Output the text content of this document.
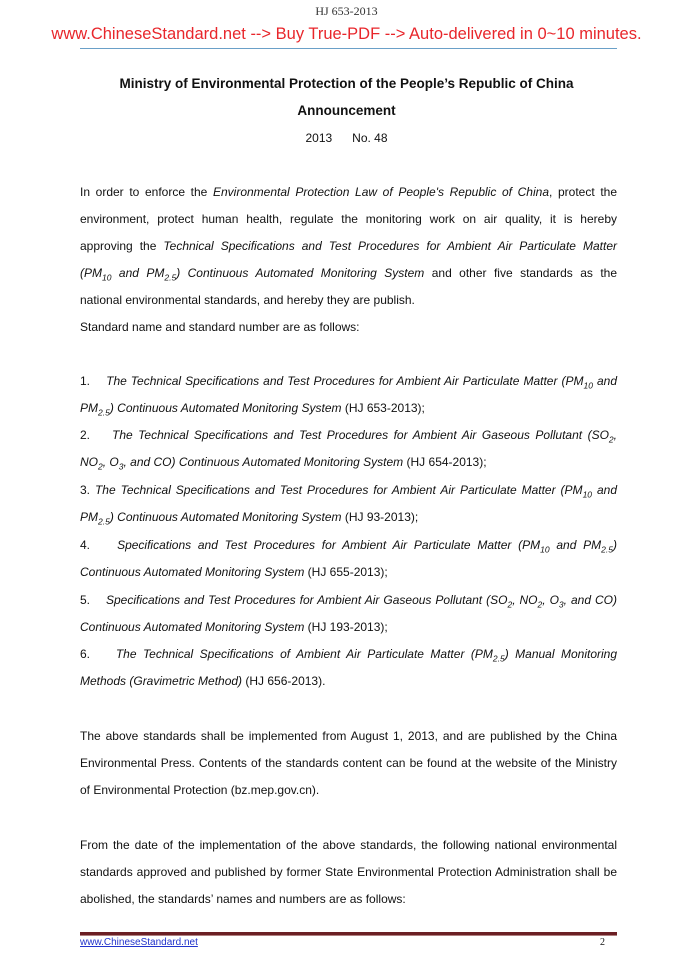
HJ 653-2013
www.ChineseStandard.net --> Buy True-PDF --> Auto-delivered in 0~10 minutes.
Ministry of Environmental Protection of the People’s Republic of China
Announcement
2013      No. 48
In order to enforce the Environmental Protection Law of People's Republic of China, protect the
environment, protect human health, regulate the monitoring work on air quality, it is hereby
approving the Technical Specifications and Test Procedures for Ambient Air Particulate Matter
($PM_{10}$ and $PM_{2.5}$) Continuous Automated Monitoring System and other five standards as the
national environmental standards, and hereby they are publish.
Standard name and standard number are as follows:
1.    The Technical Specifications and Test Procedures for Ambient Air Particulate Matter ($PM_{10}$ and
$PM_{2.5}$) Continuous Automated Monitoring System (HJ 653-2013);
2.    The Technical Specifications and Test Procedures for Ambient Air Gaseous Pollutant ($SO_2$,
$NO_2$, $O_3$, and CO) Continuous Automated Monitoring System (HJ 654-2013);
3. The Technical Specifications and Test Procedures for Ambient Air Particulate Matter ($PM_{10}$ and
$PM_{2.5}$) Continuous Automated Monitoring System (HJ 93-2013);
4.    Specifications and Test Procedures for Ambient Air Particulate Matter ($PM_{10}$ and $PM_{2.5}$)
Continuous Automated Monitoring System (HJ 655-2013);
5.    Specifications and Test Procedures for Ambient Air Gaseous Pollutant ($SO_2$, $NO_2$, $O_3$, and CO)
Continuous Automated Monitoring System (HJ 193-2013);
6.    The Technical Specifications of Ambient Air Particulate Matter $(PM_{2.5})$ Manual Monitoring
Methods (Gravimetric Method) (HJ 656-2013).
The above standards shall be implemented from August 1, 2013, and are published by the China
Environmental Press. Contents of the standards content can be found at the website of the Ministry
of Environmental Protection (bz.mep.gov.cn).
From the date of the implementation of the above standards, the following national environmental
standards approved and published by former State Environmental Protection Administration shall be
abolished, the standards’ names and numbers are as follows:
www.ChineseStandard.net	2
